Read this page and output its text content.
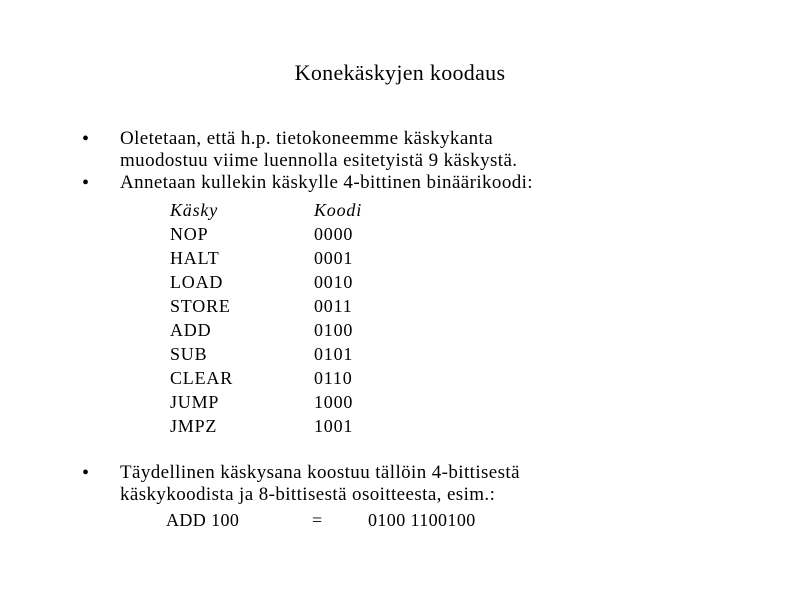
Konekäskyjen koodaus
• Oletetaan, että h.p. tietokoneemme käskykanta
muodostuu viime luennolla esitetyistä 9 käskystä.
• Annetaan kullekin käskylle 4-bittinen binäärikoodi:
Käsky	Koodi
NOP	0000
HALT	0001
LOAD	0010
STORE	0011
ADD	0100
SUB	0101
CLEAR	0110
JUMP	1000
JMPZ	1001
• Täydellinen käskysana koostuu tällöin 4-bittisestä
käskykoodista ja 8-bittisestä osoitteesta, esim.:
ADD 100	=	0100 1100100
